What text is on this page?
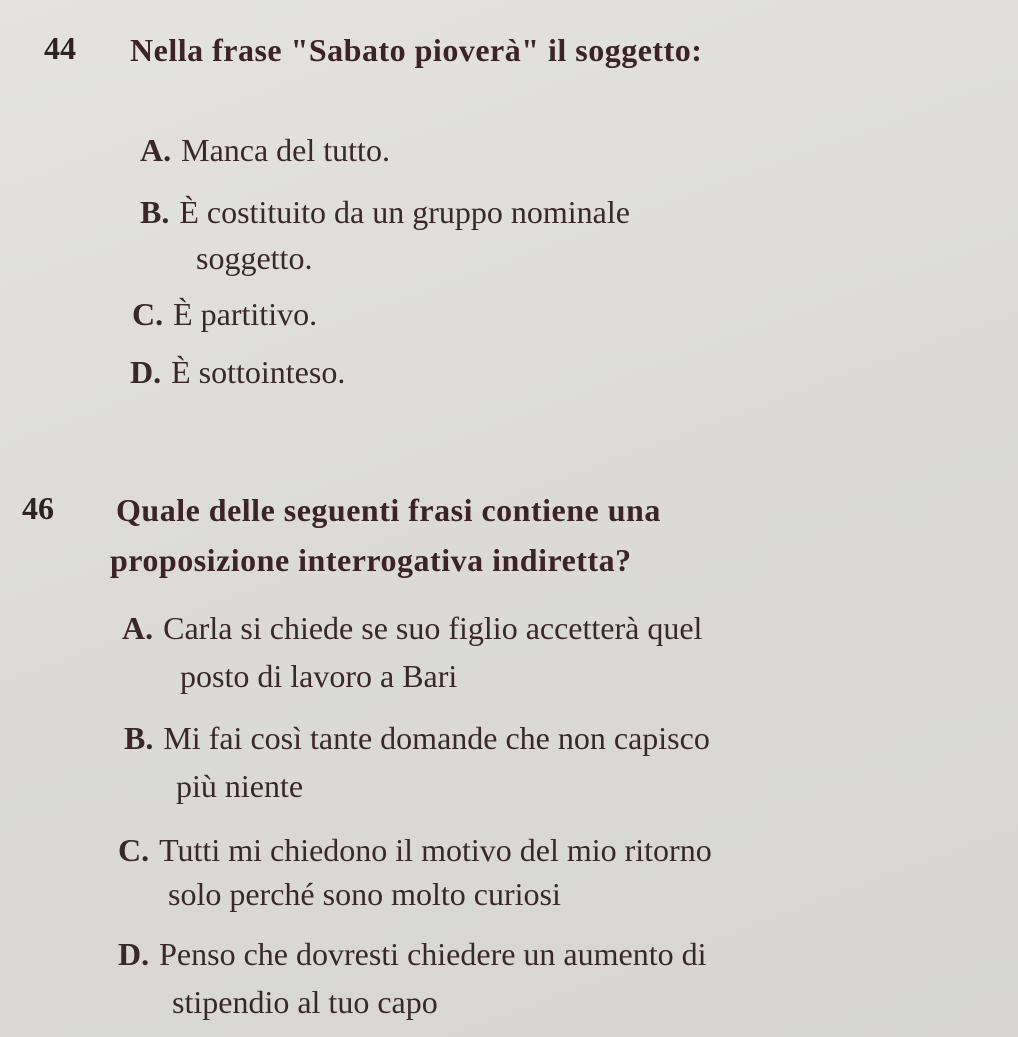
44 Nella frase "Sabato pioverà" il soggetto:

A. Manca del tutto.

B. È costituito da un gruppo nominale

soggetto.

C. È partitivo.

D. È sottointeso.

46 Quale delle seguenti frasi contiene una

proposizione interrogativa indiretta?

A. Carla si chiede se suo figlio accetterà quel

posto di lavoro a Bari

B. Mi fai così tante domande che non capisco

più niente

C. Tutti mi chiedono il motivo del mio ritorno

solo perché sono molto curiosi

D. Penso che dovresti chiedere un aumento di

stipendio al tuo capo
